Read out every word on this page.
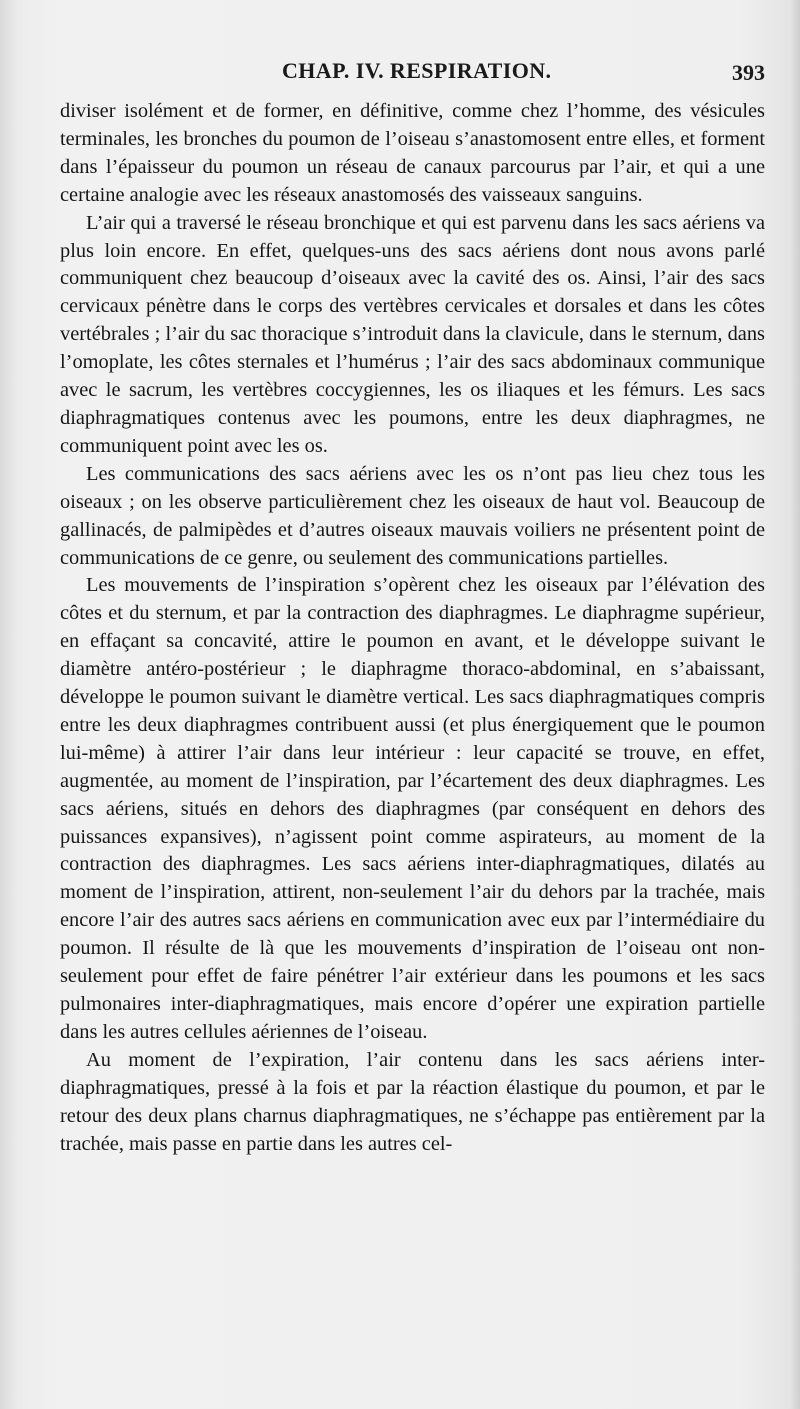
CHAP. IV. RESPIRATION.	393

diviser isolément et de former, en définitive, comme chez l’homme, des vésicules terminales, les bronches du poumon de l’oiseau s’anastomosent entre elles, et forment dans l’épaisseur du poumon un réseau de canaux parcourus par l’air, et qui a une certaine analogie avec les réseaux anastomosés des vaisseaux sanguins.

L’air qui a traversé le réseau bronchique et qui est parvenu dans les sacs aériens va plus loin encore. En effet, quelques-uns des sacs aériens dont nous avons parlé communiquent chez beaucoup d’oiseaux avec la cavité des os. Ainsi, l’air des sacs cervicaux pénètre dans le corps des vertèbres cervicales et dorsales et dans les côtes vertébrales ; l’air du sac thoracique s’introduit dans la clavicule, dans le sternum, dans l’omoplate, les côtes sternales et l’humérus ; l’air des sacs abdominaux communique avec le sacrum, les vertèbres coccygiennes, les os iliaques et les fémurs. Les sacs diaphragmatiques contenus avec les poumons, entre les deux diaphragmes, ne communiquent point avec les os.

Les communications des sacs aériens avec les os n’ont pas lieu chez tous les oiseaux ; on les observe particulièrement chez les oiseaux de haut vol. Beaucoup de gallinacés, de palmipèdes et d’autres oiseaux mauvais voiliers ne présentent point de communications de ce genre, ou seulement des communications partielles.

Les mouvements de l’inspiration s’opèrent chez les oiseaux par l’élévation des côtes et du sternum, et par la contraction des diaphragmes. Le diaphragme supérieur, en effaçant sa concavité, attire le poumon en avant, et le développe suivant le diamètre antéro-postérieur ; le diaphragme thoraco-abdominal, en s’abaissant, développe le poumon suivant le diamètre vertical. Les sacs diaphragmatiques compris entre les deux diaphragmes contribuent aussi (et plus énergiquement que le poumon lui-même) à attirer l’air dans leur intérieur : leur capacité se trouve, en effet, augmentée, au moment de l’inspiration, par l’écartement des deux diaphragmes. Les sacs aériens, situés en dehors des diaphragmes (par conséquent en dehors des puissances expansives), n’agissent point comme aspirateurs, au moment de la contraction des diaphragmes. Les sacs aériens inter-diaphragmatiques, dilatés au moment de l’inspiration, attirent, non-seulement l’air du dehors par la trachée, mais encore l’air des autres sacs aériens en communication avec eux par l’intermédiaire du poumon. Il résulte de là que les mouvements d’inspiration de l’oiseau ont non-seulement pour effet de faire pénétrer l’air extérieur dans les poumons et les sacs pulmonaires inter-diaphragmatiques, mais encore d’opérer une expiration partielle dans les autres cellules aériennes de l’oiseau.

Au moment de l’expiration, l’air contenu dans les sacs aériens inter-diaphragmatiques, pressé à la fois et par la réaction élastique du poumon, et par le retour des deux plans charnus diaphragmatiques, ne s’échappe pas entièrement par la trachée, mais passe en partie dans les autres cel-
